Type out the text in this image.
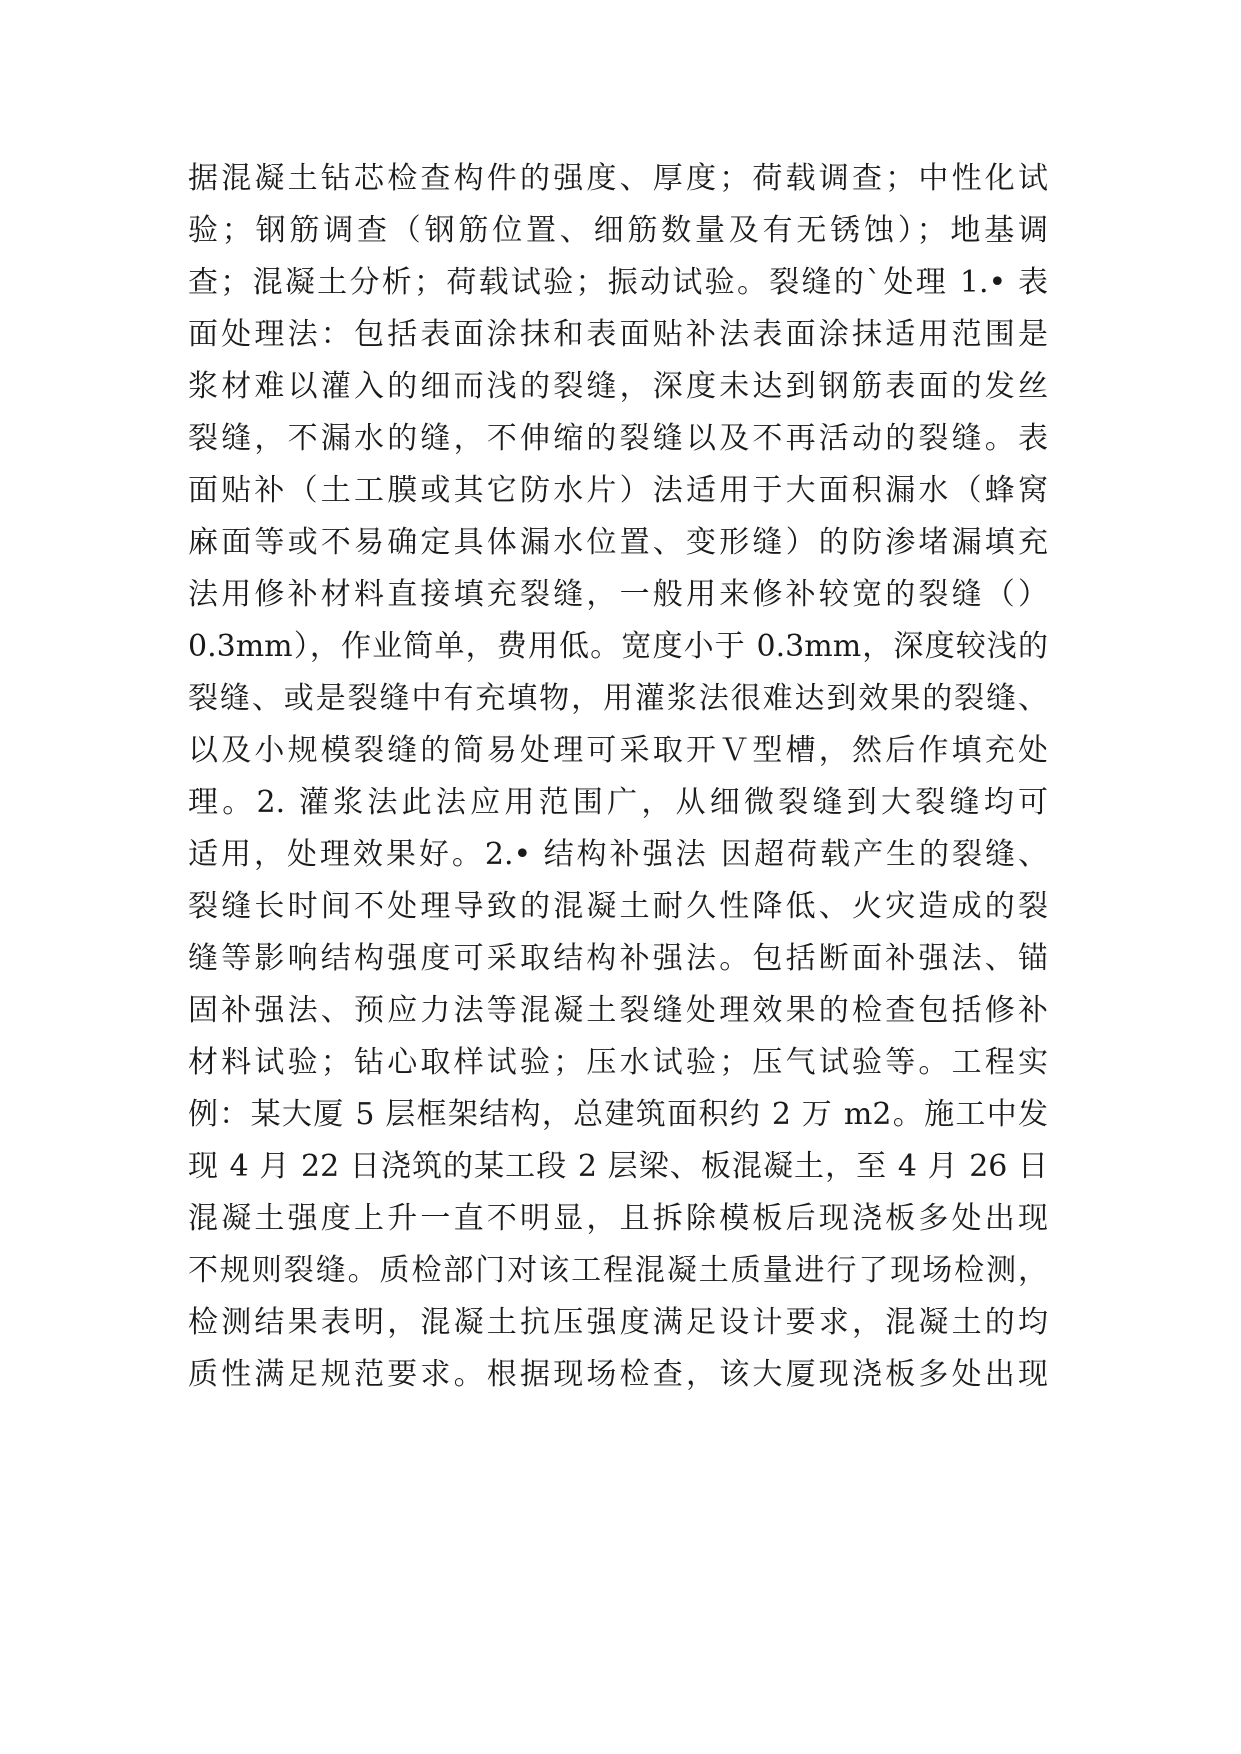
据混凝土钻芯检查构件的强度、厚度；荷载调查；中性化试
验；钢筋调查（钢筋位置、细筋数量及有无锈蚀）；地基调
查；混凝土分析；荷载试验；振动试验。裂缝的`处理 1.• 表
面处理法：包括表面涂抹和表面贴补法表面涂抹适用范围是
浆材难以灌入的细而浅的裂缝，深度未达到钢筋表面的发丝
裂缝，不漏水的缝，不伸缩的裂缝以及不再活动的裂缝。表
面贴补（土工膜或其它防水片）法适用于大面积漏水（蜂窝
麻面等或不易确定具体漏水位置、变形缝）的防渗堵漏填充
法用修补材料直接填充裂缝，一般用来修补较宽的裂缝（）
0.3mm），作业简单，费用低。宽度小于 0.3mm，深度较浅的
裂缝、或是裂缝中有充填物，用灌浆法很难达到效果的裂缝、
以及小规模裂缝的简易处理可采取开Ｖ型槽，然后作填充处
理。2. 灌浆法此法应用范围广，从细微裂缝到大裂缝均可
适用，处理效果好。2.• 结构补强法 因超荷载产生的裂缝、
裂缝长时间不处理导致的混凝土耐久性降低、火灾造成的裂
缝等影响结构强度可采取结构补强法。包括断面补强法、锚
固补强法、预应力法等混凝土裂缝处理效果的检查包括修补
材料试验；钻心取样试验；压水试验；压气试验等。工程实
例：某大厦 5 层框架结构，总建筑面积约 2 万 m2。施工中发
现 4 月 22 日浇筑的某工段 2 层梁、板混凝土，至 4 月 26 日
混凝土强度上升一直不明显，且拆除模板后现浇板多处出现
不规则裂缝。质检部门对该工程混凝土质量进行了现场检测，
检测结果表明，混凝土抗压强度满足设计要求，混凝土的均
质性满足规范要求。根据现场检查，该大厦现浇板多处出现
